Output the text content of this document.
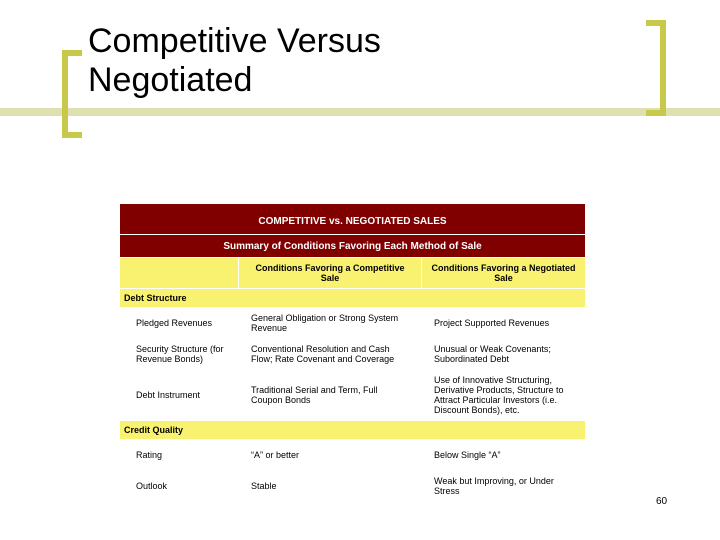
Competitive Versus
Negotiated
COMPETITIVE vs. NEGOTIATED SALES		
Summary of Conditions Favoring Each Method of Sale		
	Conditions Favoring a Competitive Sale	Conditions Favoring a Negotiated Sale
Debt Structure		
Pledged Revenues	General Obligation or Strong System Revenue	Project Supported Revenues
Security Structure (for Revenue Bonds)	Conventional Resolution and Cash Flow; Rate Covenant and Coverage	Unusual or Weak Covenants; Subordinated Debt
Debt Instrument	Traditional Serial and Term, Full Coupon Bonds	Use of Innovative Structuring, Derivative Products, Structure to Attract Particular Investors (i.e. Discount Bonds), etc.
Credit Quality		
Rating	“A” or better	Below Single “A”
Outlook	Stable	Weak but Improving, or Under Stress
60
